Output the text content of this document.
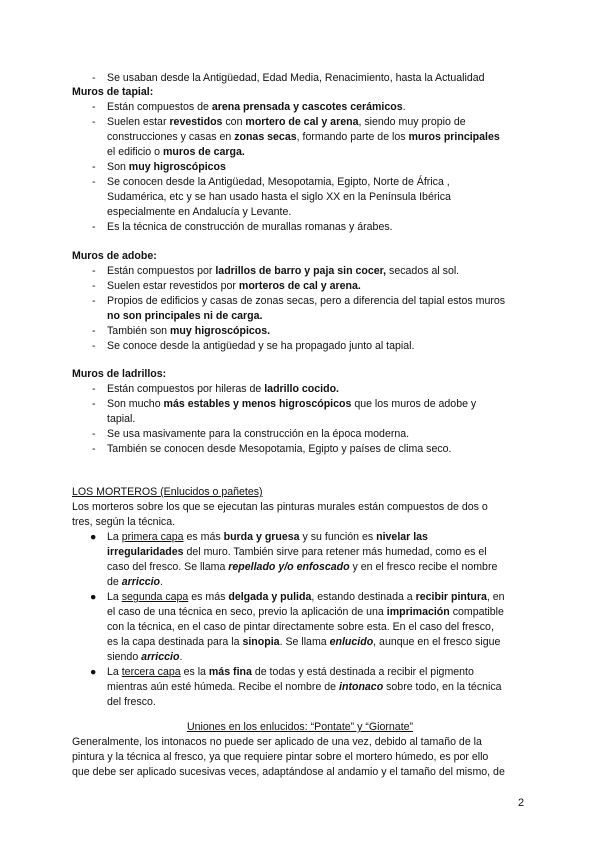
- Se usaban desde la Antigüedad, Edad Media, Renacimiento, hasta la Actualidad
Muros de tapial:
- Están compuestos de arena prensada y cascotes cerámicos.
- Suelen estar revestidos con mortero de cal y arena, siendo muy propio de
construcciones y casas en zonas secas, formando parte de los muros principales
el edificio o muros de carga.
- Son muy higroscópicos
- Se conocen desde la Antigüedad, Mesopotamia, Egipto, Norte de África ,
Sudamérica, etc y se han usado hasta el siglo XX en la Península Ibérica
especialmente en Andalucía y Levante.
- Es la técnica de construcción de murallas romanas y árabes.
Muros de adobe:
- Están compuestos por ladrillos de barro y paja sin cocer, secados al sol.
- Suelen estar revestidos por morteros de cal y arena.
- Propios de edificios y casas de zonas secas, pero a diferencia del tapial estos muros
no son principales ni de carga.
- También son muy higroscópicos.
- Se conoce desde la antigüedad y se ha propagado junto al tapial.
Muros de ladrillos:
- Están compuestos por hileras de ladrillo cocido.
- Son mucho más estables y menos higroscópicos que los muros de adobe y
tapial.
- Se usa masivamente para la construcción en la época moderna.
- También se conocen desde Mesopotamia, Egipto y países de clima seco.
LOS MORTEROS (Enlucidos o pañetes)
Los morteros sobre los que se ejecutan las pinturas murales están compuestos de dos o
tres, según la técnica.
● La primera capa es más burda y gruesa y su función es nivelar las
irregularidades del muro. También sirve para retener más humedad, como es el
caso del fresco. Se llama repellado y/o enfoscado y en el fresco recibe el nombre
de arriccio.
● La segunda capa es más delgada y pulida, estando destinada a recibir pintura, en
el caso de una técnica en seco, previo la aplicación de una imprimación compatible
con la técnica, en el caso de pintar directamente sobre esta. En el caso del fresco,
es la capa destinada para la sinopia. Se llama enlucido, aunque en el fresco sigue
siendo arriccio.
● La tercera capa es la más fina de todas y está destinada a recibir el pigmento
mientras aún esté húmeda. Recibe el nombre de intonaco sobre todo, en la técnica
del fresco.
Uniones en los enlucidos: “Pontate” y “Giornate”
Generalmente, los intonacos no puede ser aplicado de una vez, debido al tamaño de la
pintura y la técnica al fresco, ya que requiere pintar sobre el mortero húmedo, es por ello
que debe ser aplicado sucesivas veces, adaptándose al andamio y el tamaño del mismo, de
2
